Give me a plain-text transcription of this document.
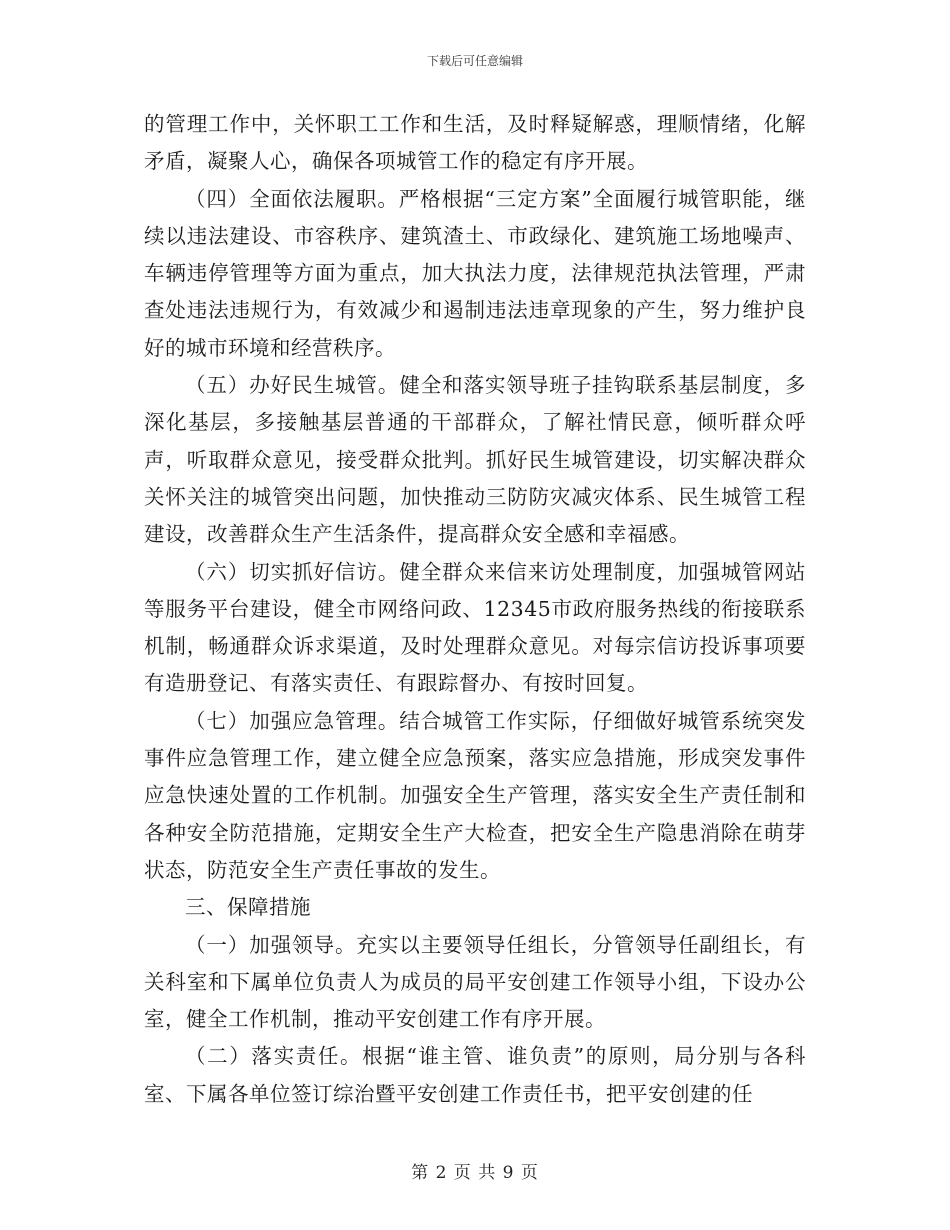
下载后可任意编辑

的管理工作中，关怀职工工作和生活，及时释疑解惑，理顺情绪，化解矛盾，凝聚人心，确保各项城管工作的稳定有序开展。

（四）全面依法履职。严格根据“三定方案”全面履行城管职能，继续以违法建设、市容秩序、建筑渣土、市政绿化、建筑施工场地噪声、车辆违停管理等方面为重点，加大执法力度，法律规范执法管理，严肃查处违法违规行为，有效减少和遏制违法违章现象的产生，努力维护良好的城市环境和经营秩序。

（五）办好民生城管。健全和落实领导班子挂钩联系基层制度，多深化基层，多接触基层普通的干部群众，了解社情民意，倾听群众呼声，听取群众意见，接受群众批判。抓好民生城管建设，切实解决群众关怀关注的城管突出问题，加快推动三防防灾减灾体系、民生城管工程建设，改善群众生产生活条件，提高群众安全感和幸福感。

（六）切实抓好信访。健全群众来信来访处理制度，加强城管网站等服务平台建设，健全市网络问政、12345市政府服务热线的衔接联系机制，畅通群众诉求渠道，及时处理群众意见。对每宗信访投诉事项要有造册登记、有落实责任、有跟踪督办、有按时回复。

（七）加强应急管理。结合城管工作实际，仔细做好城管系统突发事件应急管理工作，建立健全应急预案，落实应急措施，形成突发事件应急快速处置的工作机制。加强安全生产管理，落实安全生产责任制和各种安全防范措施，定期安全生产大检查，把安全生产隐患消除在萌芽状态，防范安全生产责任事故的发生。

三、保障措施

（一）加强领导。充实以主要领导任组长，分管领导任副组长，有关科室和下属单位负责人为成员的局平安创建工作领导小组，下设办公室，健全工作机制，推动平安创建工作有序开展。

（二）落实责任。根据“谁主管、谁负责”的原则，局分别与各科室、下属各单位签订综治暨平安创建工作责任书，把平安创建的任

第 2 页 共 9 页
